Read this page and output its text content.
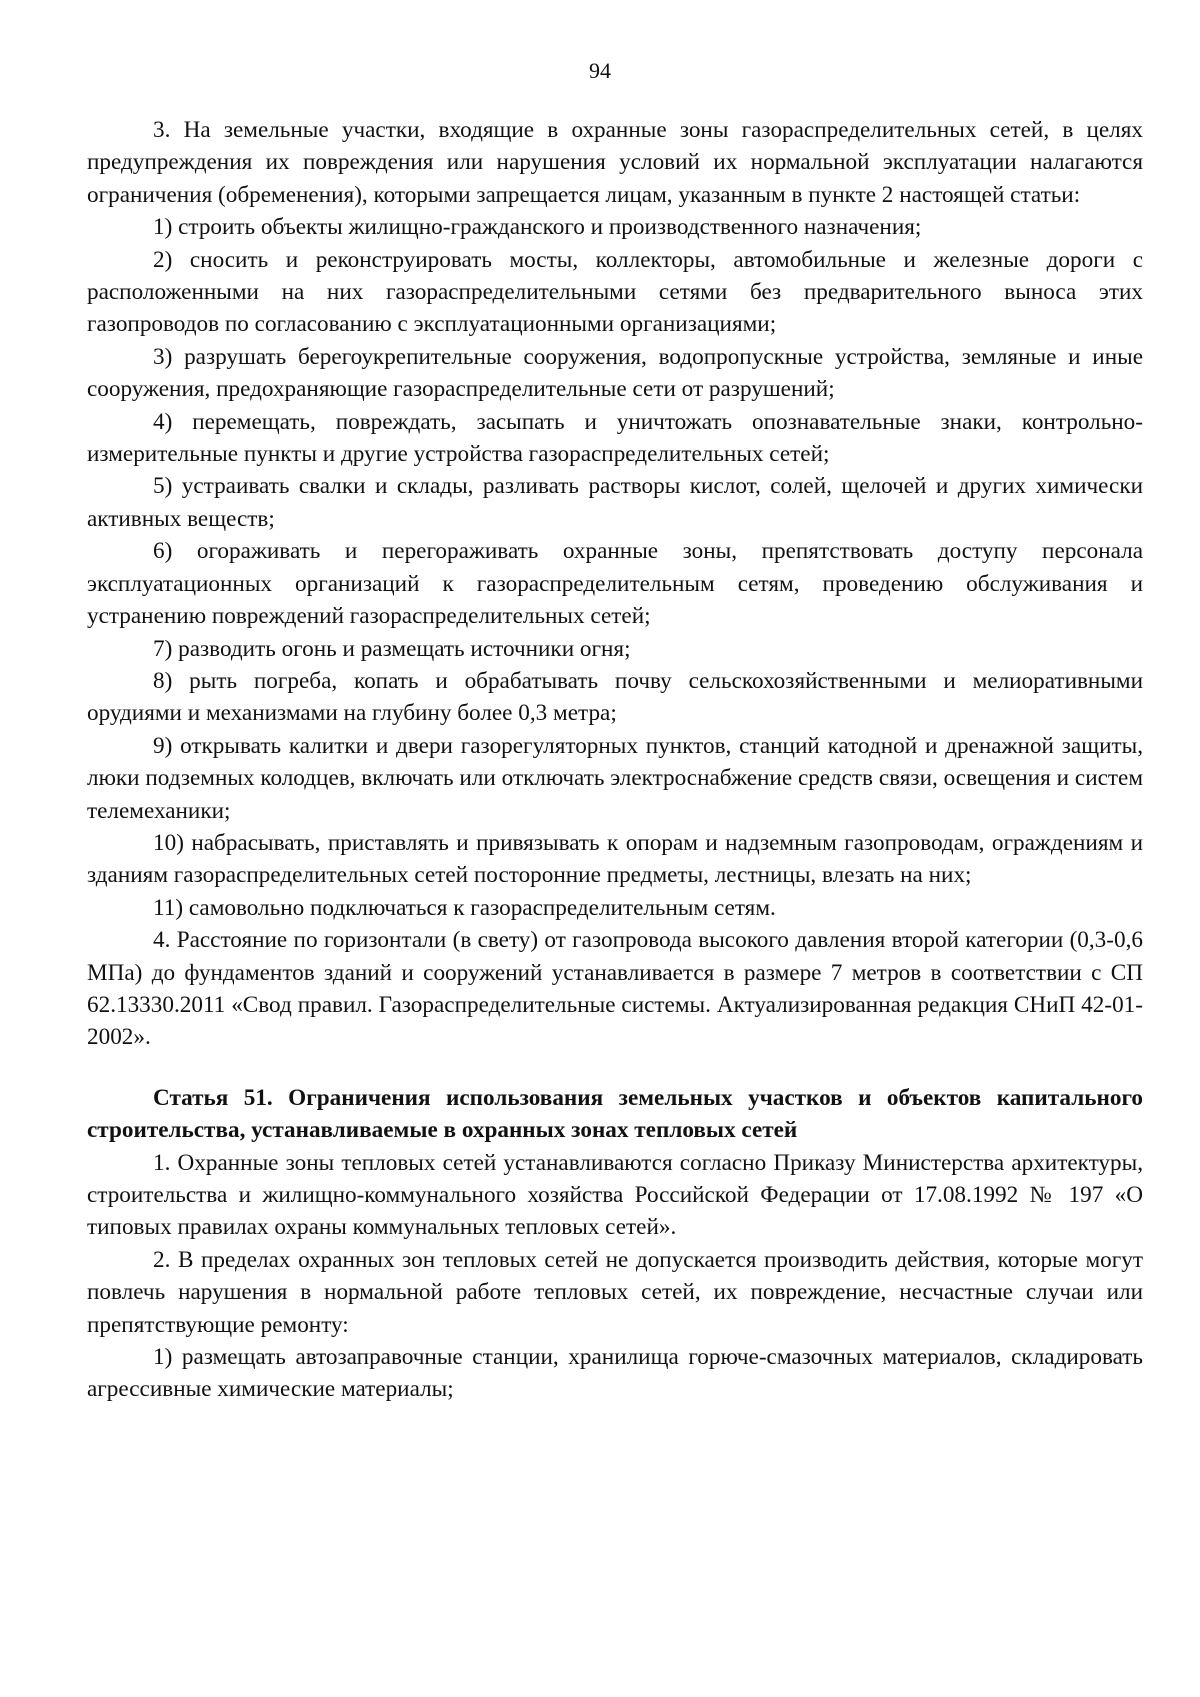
94

3. На земельные участки, входящие в охранные зоны газораспределительных сетей, в целях предупреждения их повреждения или нарушения условий их нормальной эксплуатации налагаются ограничения (обременения), которыми запрещается лицам, указанным в пункте 2 настоящей статьи:

1) строить объекты жилищно-гражданского и производственного назначения;

2) сносить и реконструировать мосты, коллекторы, автомобильные и железные дороги с расположенными на них газораспределительными сетями без предварительного выноса этих газопроводов по согласованию с эксплуатационными организациями;

3) разрушать берегоукрепительные сооружения, водопропускные устройства, земляные и иные сооружения, предохраняющие газораспределительные сети от разрушений;

4) перемещать, повреждать, засыпать и уничтожать опознавательные знаки, контрольно-измерительные пункты и другие устройства газораспределительных сетей;

5) устраивать свалки и склады, разливать растворы кислот, солей, щелочей и других химически активных веществ;

6) огораживать и перегораживать охранные зоны, препятствовать доступу персонала эксплуатационных организаций к газораспределительным сетям, проведению обслуживания и устранению повреждений газораспределительных сетей;

7) разводить огонь и размещать источники огня;

8) рыть погреба, копать и обрабатывать почву сельскохозяйственными и мелиоративными орудиями и механизмами на глубину более 0,3 метра;

9) открывать калитки и двери газорегуляторных пунктов, станций катодной и дренажной защиты, люки подземных колодцев, включать или отключать электроснабжение средств связи, освещения и систем телемеханики;

10) набрасывать, приставлять и привязывать к опорам и надземным газопроводам, ограждениям и зданиям газораспределительных сетей посторонние предметы, лестницы, влезать на них;

11) самовольно подключаться к газораспределительным сетям.

4. Расстояние по горизонтали (в свету) от газопровода высокого давления второй категории (0,3-0,6 МПа) до фундаментов зданий и сооружений устанавливается в размере 7 метров в соответствии с СП 62.13330.2011 «Свод правил. Газораспределительные системы. Актуализированная редакция СНиП 42-01-2002».

Статья 51. Ограничения использования земельных участков и объектов капитального строительства, устанавливаемые в охранных зонах тепловых сетей

1. Охранные зоны тепловых сетей устанавливаются согласно Приказу Министерства архитектуры, строительства и жилищно-коммунального хозяйства Российской Федерации от 17.08.1992 № 197 «О типовых правилах охраны коммунальных тепловых сетей».

2. В пределах охранных зон тепловых сетей не допускается производить действия, которые могут повлечь нарушения в нормальной работе тепловых сетей, их повреждение, несчастные случаи или препятствующие ремонту:

1) размещать автозаправочные станции, хранилища горюче-смазочных материалов, складировать агрессивные химические материалы;
